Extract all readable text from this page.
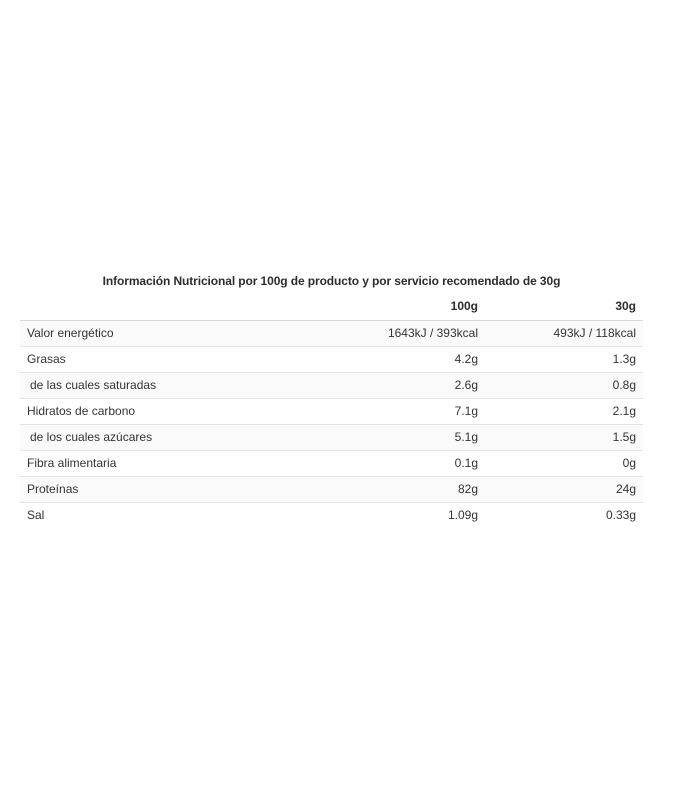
Información Nutricional por 100g de producto y por servicio recomendado de 30g
	100g	30g
Valor energético	1643kJ / 393kcal	493kJ / 118kcal
Grasas	4.2g	1.3g
de las cuales saturadas	2.6g	0.8g
Hidratos de carbono	7.1g	2.1g
de los cuales azúcares	5.1g	1.5g
Fibra alimentaria	0.1g	0g
Proteínas	82g	24g
Sal	1.09g	0.33g
